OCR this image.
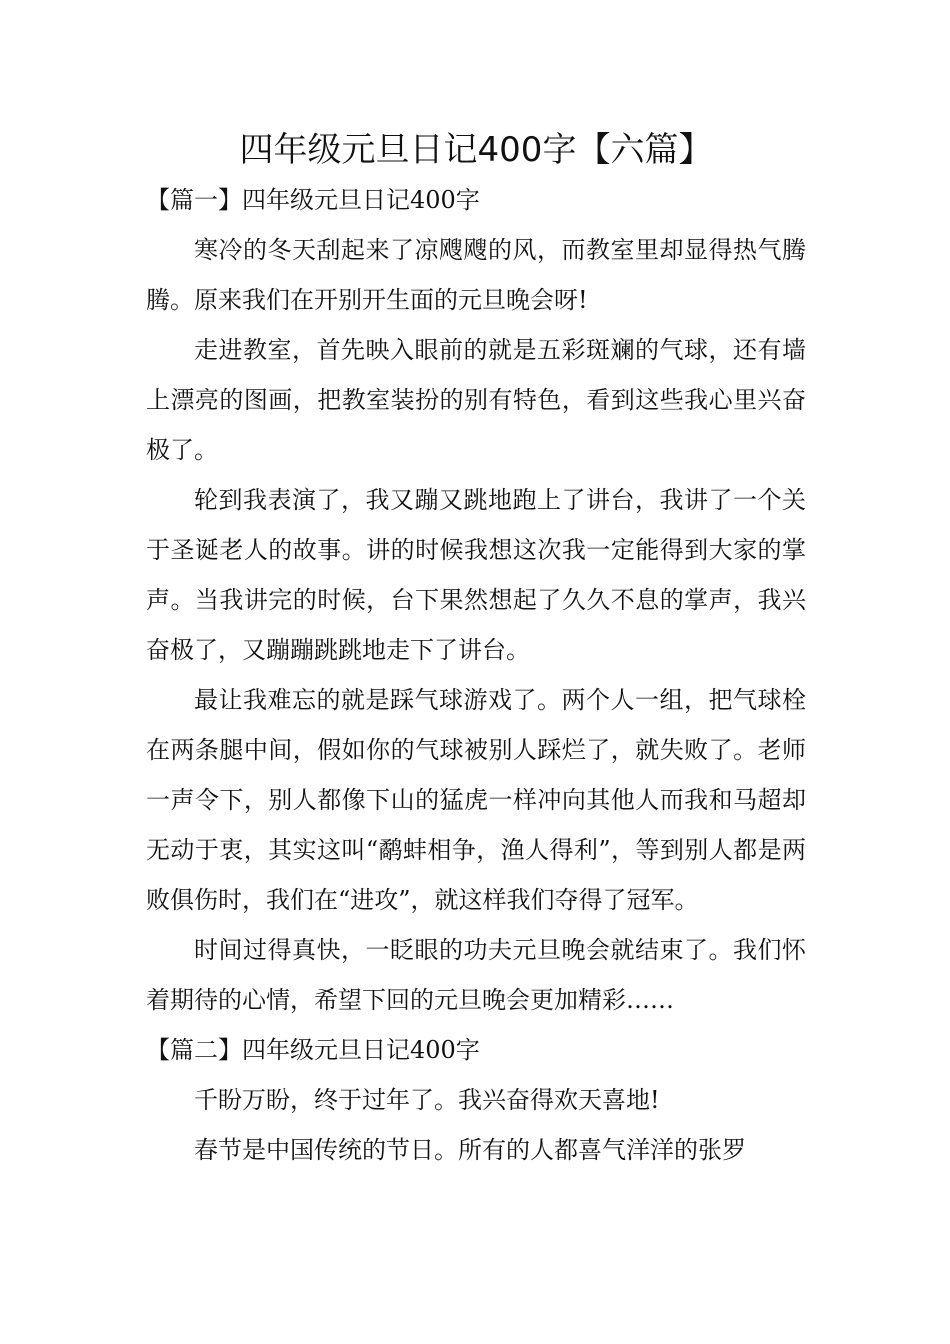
四年级元旦日记400字【六篇】
【篇一】四年级元旦日记400字

寒冷的冬天刮起来了凉飕飕的风，而教室里却显得热气腾腾。原来我们在开别开生面的元旦晚会呀!

走进教室，首先映入眼前的就是五彩斑斓的气球，还有墙上漂亮的图画，把教室装扮的别有特色，看到这些我心里兴奋极了。

轮到我表演了，我又蹦又跳地跑上了讲台，我讲了一个关于圣诞老人的故事。讲的时候我想这次我一定能得到大家的掌声。当我讲完的时候，台下果然想起了久久不息的掌声，我兴奋极了，又蹦蹦跳跳地走下了讲台。

最让我难忘的就是踩气球游戏了。两个人一组，把气球栓在两条腿中间，假如你的气球被别人踩烂了，就失败了。老师一声令下，别人都像下山的猛虎一样冲向其他人而我和马超却无动于衷，其实这叫“鹬蚌相争，渔人得利”，等到别人都是两败俱伤时，我们在“进攻”，就这样我们夺得了冠军。

时间过得真快，一眨眼的功夫元旦晚会就结束了。我们怀着期待的心情，希望下回的元旦晚会更加精彩……

【篇二】四年级元旦日记400字

千盼万盼，终于过年了。我兴奋得欢天喜地!

春节是中国传统的节日。所有的人都喜气洋洋的张罗
